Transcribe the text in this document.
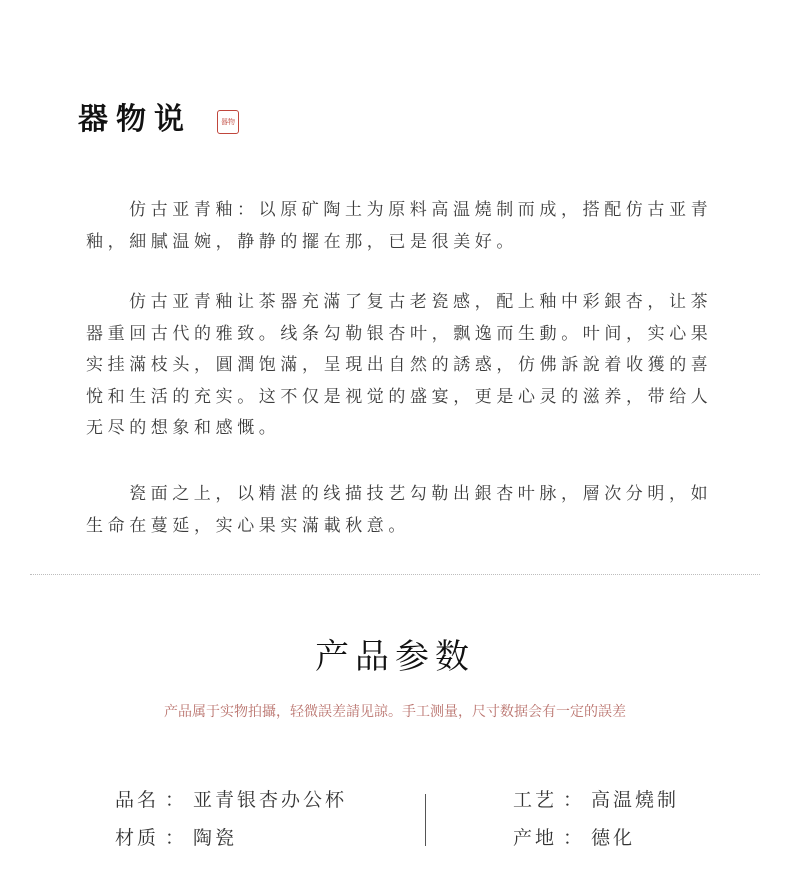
器物说	器物

仿古亚青釉：以原矿陶土为原料高温燒制而成，搭配仿古亚青釉，細膩温婉，静静的擺在那，已是很美好。

仿古亚青釉让茶器充滿了复古老瓷感，配上釉中彩銀杏，让茶器重回古代的雅致。线条勾勒银杏叶，飘逸而生動。叶间，实心果实挂滿枝头，圓潤饱滿，呈現出自然的誘惑，仿佛訴說着收獲的喜悅和生活的充实。这不仅是视觉的盛宴，更是心灵的滋养，带给人无尽的想象和感慨。

瓷面之上，以精湛的线描技艺勾勒出銀杏叶脉，層次分明，如生命在蔓延，实心果实滿載秋意。

产品参数
产品属于实物拍攝，轻微誤差請见諒。手工测量，尺寸数据会有一定的誤差
品名 ： 亚青银杏办公杯
材质 ： 陶瓷
工艺 ： 高温燒制
产地 ： 德化
